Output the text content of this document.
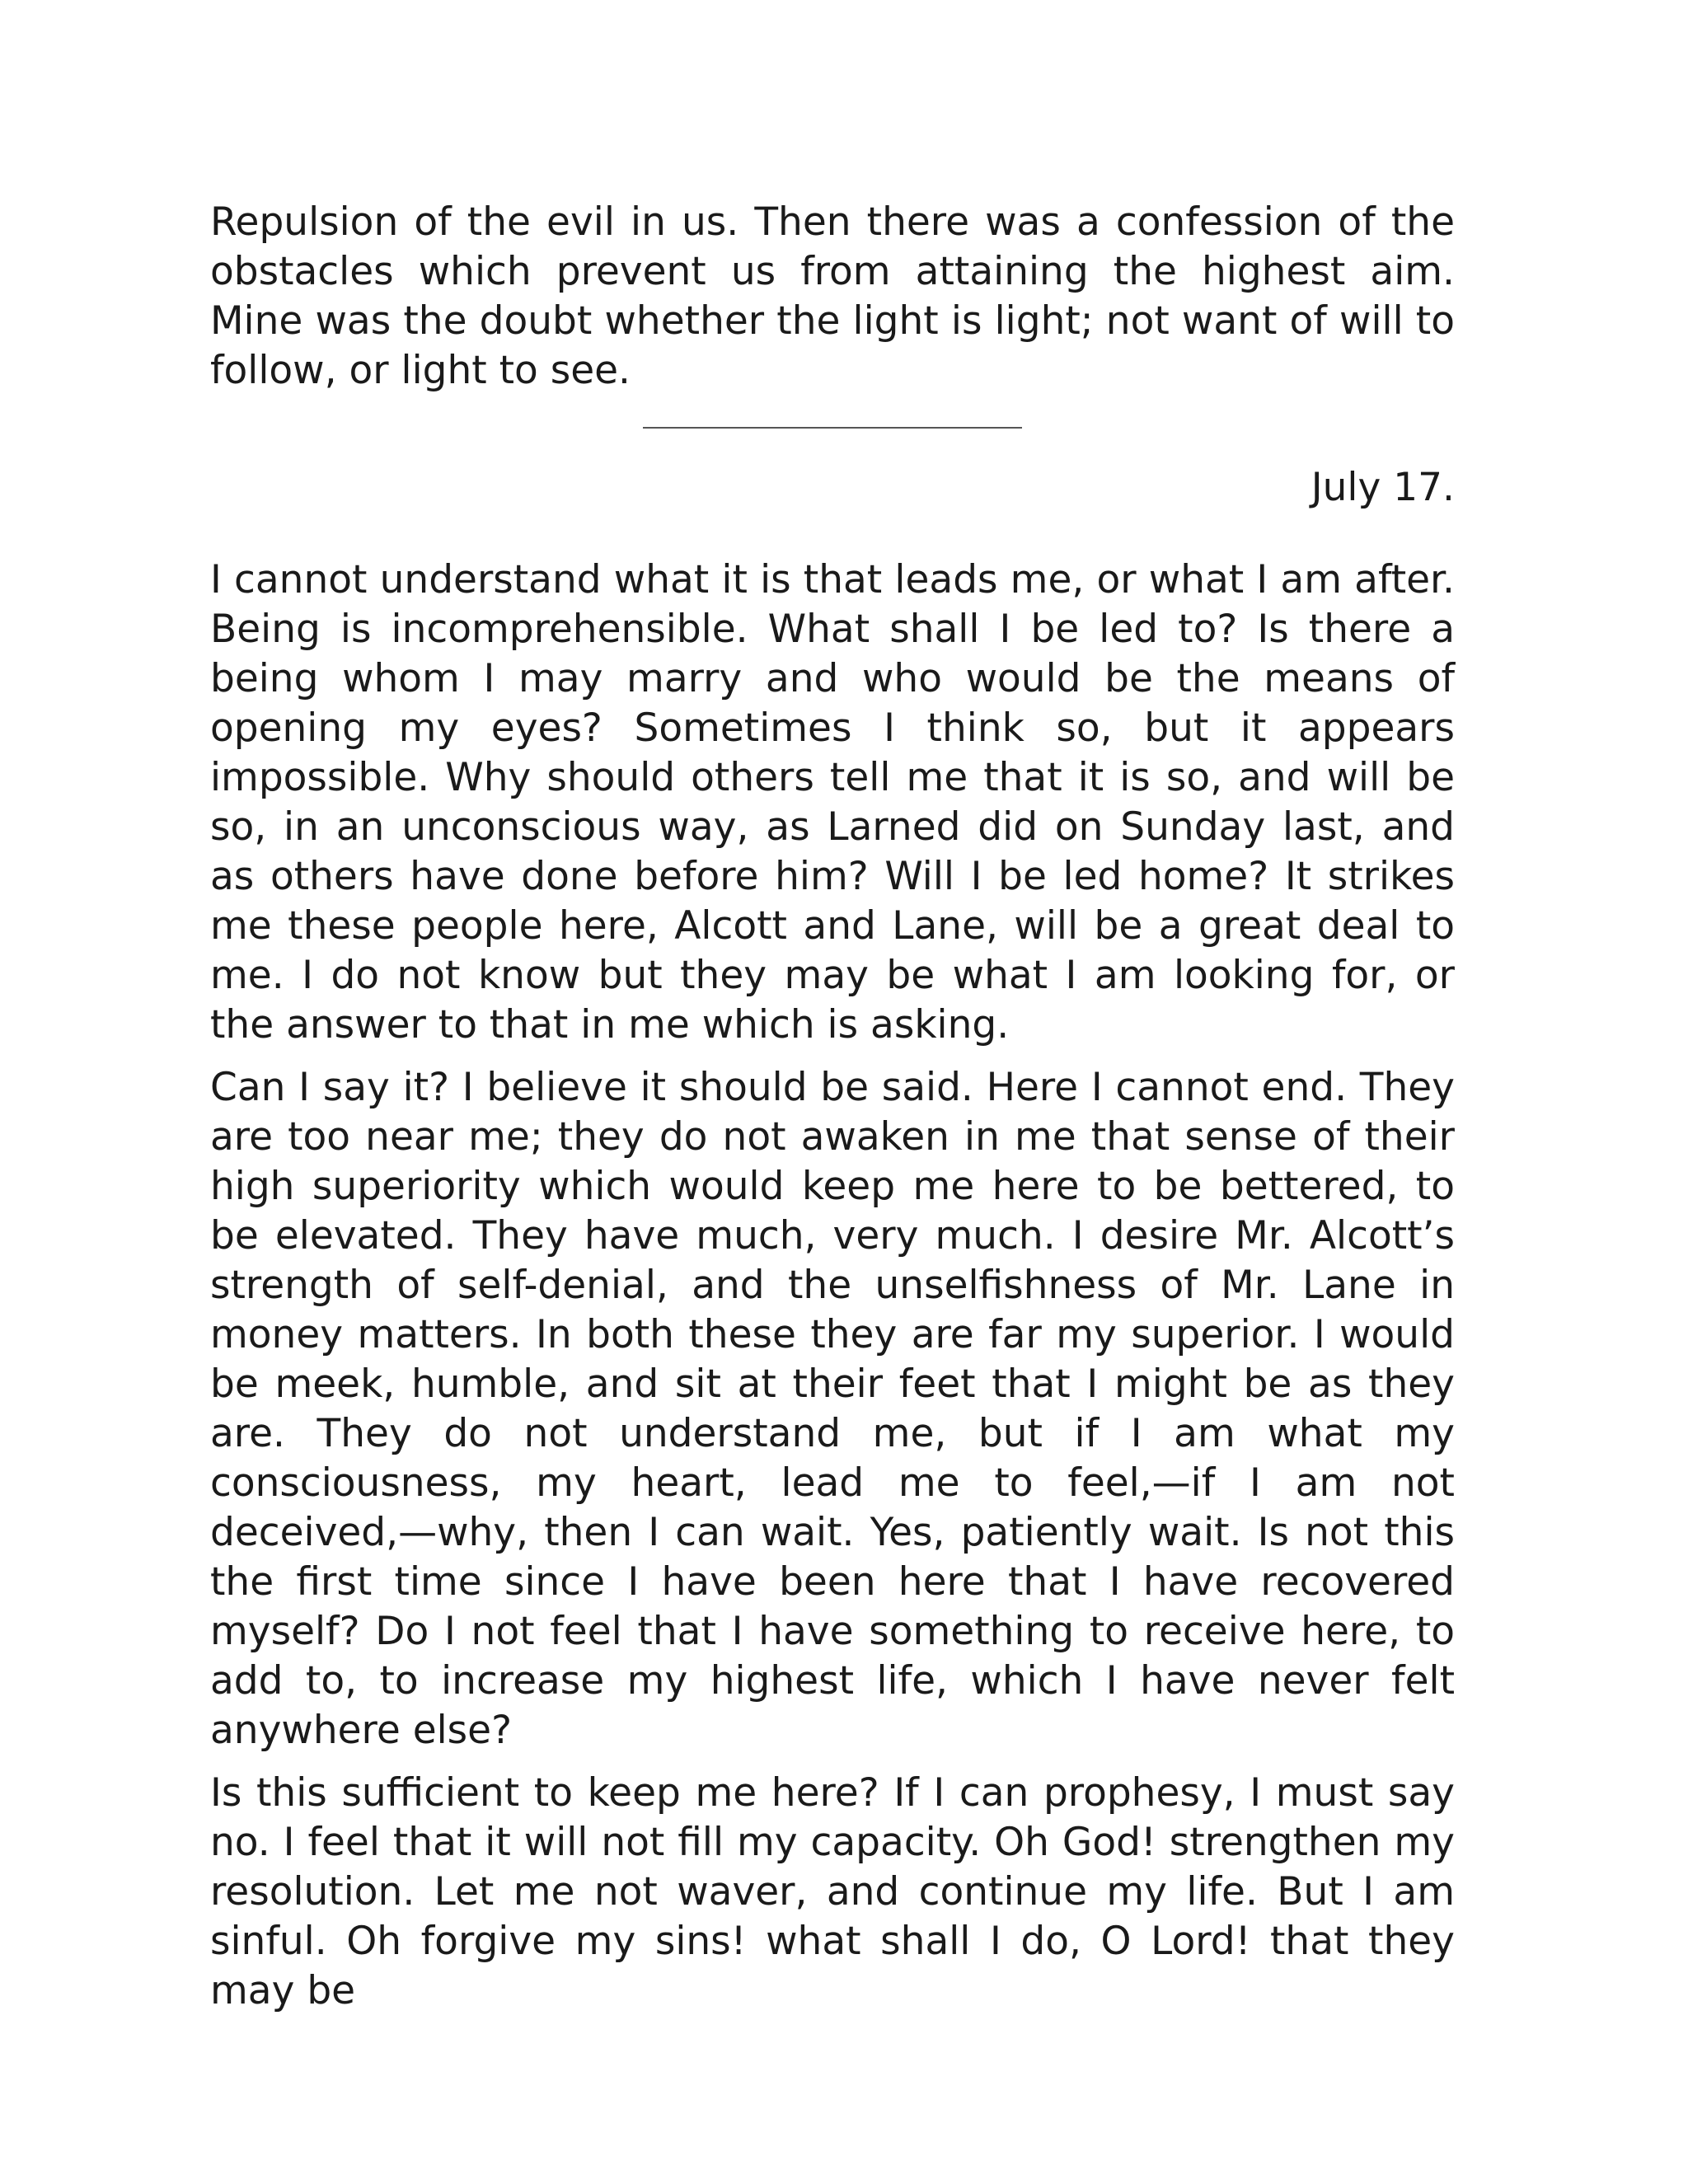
Repulsion of the evil in us. Then there was a confession of the obstacles which prevent us from attaining the highest aim. Mine was the doubt whether the light is light; not want of will to follow, or light to see.

July 17.

I cannot understand what it is that leads me, or what I am after. Being is incomprehensible. What shall I be led to? Is there a being whom I may marry and who would be the means of opening my eyes? Sometimes I think so, but it appears impossible. Why should others tell me that it is so, and will be so, in an unconscious way, as Larned did on Sunday last, and as others have done before him? Will I be led home? It strikes me these people here, Alcott and Lane, will be a great deal to me. I do not know but they may be what I am looking for, or the answer to that in me which is asking.

Can I say it? I believe it should be said. Here I cannot end. They are too near me; they do not awaken in me that sense of their high superiority which would keep me here to be bettered, to be elevated. They have much, very much. I desire Mr. Alcott’s strength of self-denial, and the unselfishness of Mr. Lane in money matters. In both these they are far my superior. I would be meek, humble, and sit at their feet that I might be as they are. They do not understand me, but if I am what my consciousness, my heart, lead me to feel,—if I am not deceived,—why, then I can wait. Yes, patiently wait. Is not this the first time since I have been here that I have recovered myself? Do I not feel that I have something to receive here, to add to, to increase my highest life, which I have never felt anywhere else?

Is this sufficient to keep me here? If I can prophesy, I must say no. I feel that it will not fill my capacity. Oh God! strengthen my resolution. Let me not waver, and continue my life. But I am sinful. Oh forgive my sins! what shall I do, O Lord! that they may be
